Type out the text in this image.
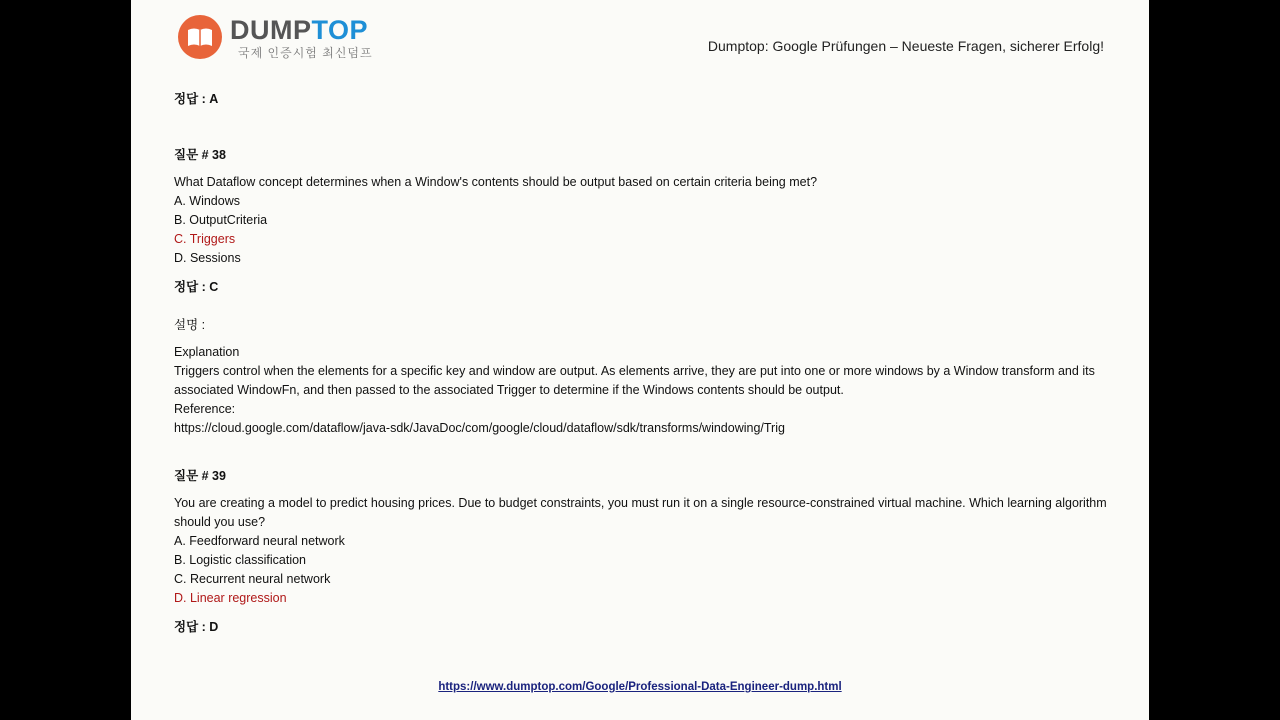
DUMPTOP
국제 인증시험 최신덤프	Dumptop: Google Prüfungen – Neueste Fragen, sicherer Erfolg!
정답 : A
질문 # 38
What Dataflow concept determines when a Window's contents should be output based on certain criteria being met?
A. Windows
B. OutputCriteria
C. Triggers
D. Sessions
정답 : C
설명 :
Explanation
Triggers control when the elements for a specific key and window are output. As elements arrive, they are put into one or more windows by a Window transform and its associated WindowFn, and then passed to the associated Trigger to determine if the Windows contents should be output.
Reference:
https://cloud.google.com/dataflow/java-sdk/JavaDoc/com/google/cloud/dataflow/sdk/transforms/windowing/Trig
질문 # 39
You are creating a model to predict housing prices. Due to budget constraints, you must run it on a single resource-constrained virtual machine. Which learning algorithm should you use?
A. Feedforward neural network
B. Logistic classification
C. Recurrent neural network
D. Linear regression
정답 : D
https://www.dumptop.com/Google/Professional-Data-Engineer-dump.html
